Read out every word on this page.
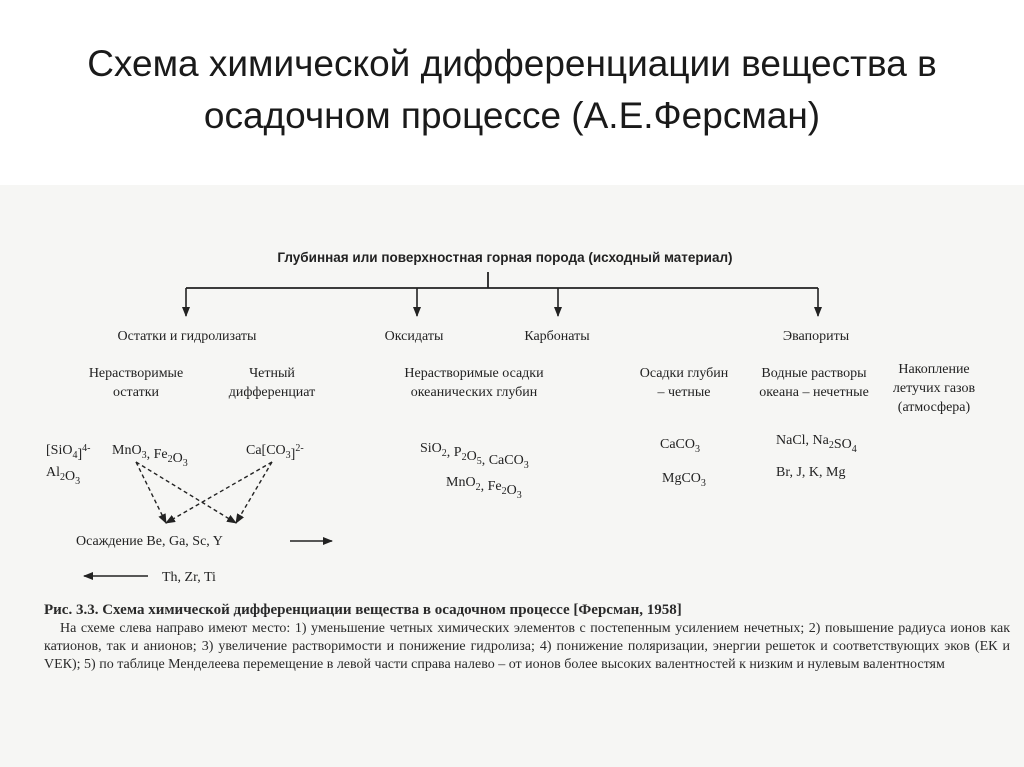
Схема химической дифференциации вещества в
осадочном процессе (А.Е.Ферсман)
Глубинная или поверхностная горная порода (исходный материал)
Остатки и гидролизаты	Оксидаты	Карбонаты	Эвапориты
Нерастворимые
остатки
Четный
дифференциат
Нерастворимые осадки
океанических глубин
Осадки глубин
– четные
Водные растворы
океана – нечетные
Накопление
летучих газов
(атмосфера)
$[SiO_4]^{4-}$
$Al_2O_3$
MnO$_3$, $Fe_2O_3$
$Ca[CO_3]^{2-}$	SiO$_2$, $P_2O_5$, CaCO$_3$
MnO$_2$, $Fe_2O_3$
CaCO$_3$
MgCO$_3$
NaCl, $Na_2SO_4$
Br, J, K, Mg
Осаждение Be, Ga, Sc, Y
Th, Zr, Ti

Рис. 3.3. Схема химической дифференциации вещества в осадочном процессе [Ферсман, 1958]

На схеме слева направо имеют место: 1) уменьшение четных химических элементов с постепенным усилением нечетных; 2) повышение радиуса ионов как катионов, так и анионов; 3) увеличение растворимости и понижение гидролиза; 4) понижение поляризации, энергии решеток и соответствующих эков (ЕК и VЕК); 5) по таблице Менделеева перемещение в левой части справа налево – от ионов более высоких валентностей к низким и нулевым валентностям
